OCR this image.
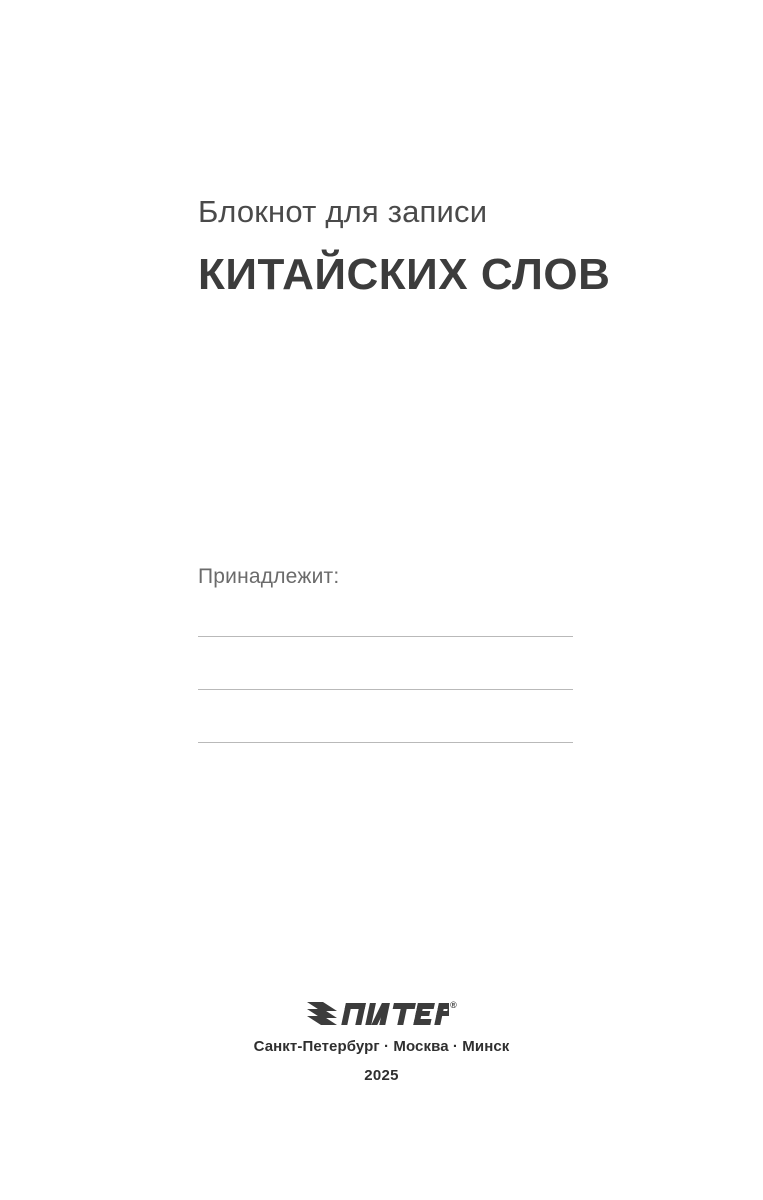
Блокнот для записи
КИТАЙСКИХ СЛОВ
Принадлежит:
®
Санкт-Петербург · Москва · Минск
2025
